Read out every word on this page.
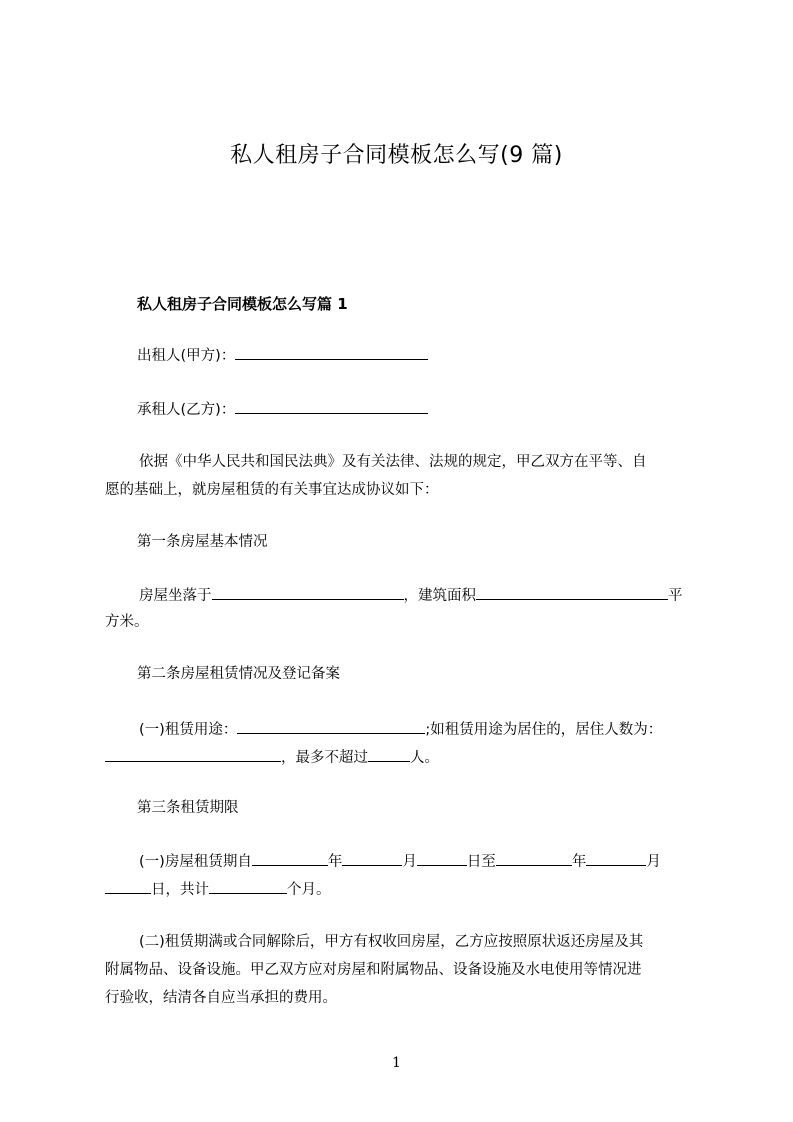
私人租房子合同模板怎么写(9 篇)
私人租房子合同模板怎么写篇 1
出租人(甲方)：
承租人(乙方)：
依据《中华人民共和国民法典》及有关法律、法规的规定，甲乙双方在平等、自
愿的基础上，就房屋租赁的有关事宜达成协议如下：
第一条房屋基本情况
房屋坐落于	，建筑面积	平
方米。
第二条房屋租赁情况及登记备案
(一)租赁用途：	;如租赁用途为居住的，居住人数为：
，最多不超过	人。
第三条租赁期限
(一)房屋租赁期自	年	月	日至	年	月
日，共计	个月。
(二)租赁期满或合同解除后，甲方有权收回房屋，乙方应按照原状返还房屋及其
附属物品、设备设施。甲乙双方应对房屋和附属物品、设备设施及水电使用等情况进
行验收，结清各自应当承担的费用。
1
